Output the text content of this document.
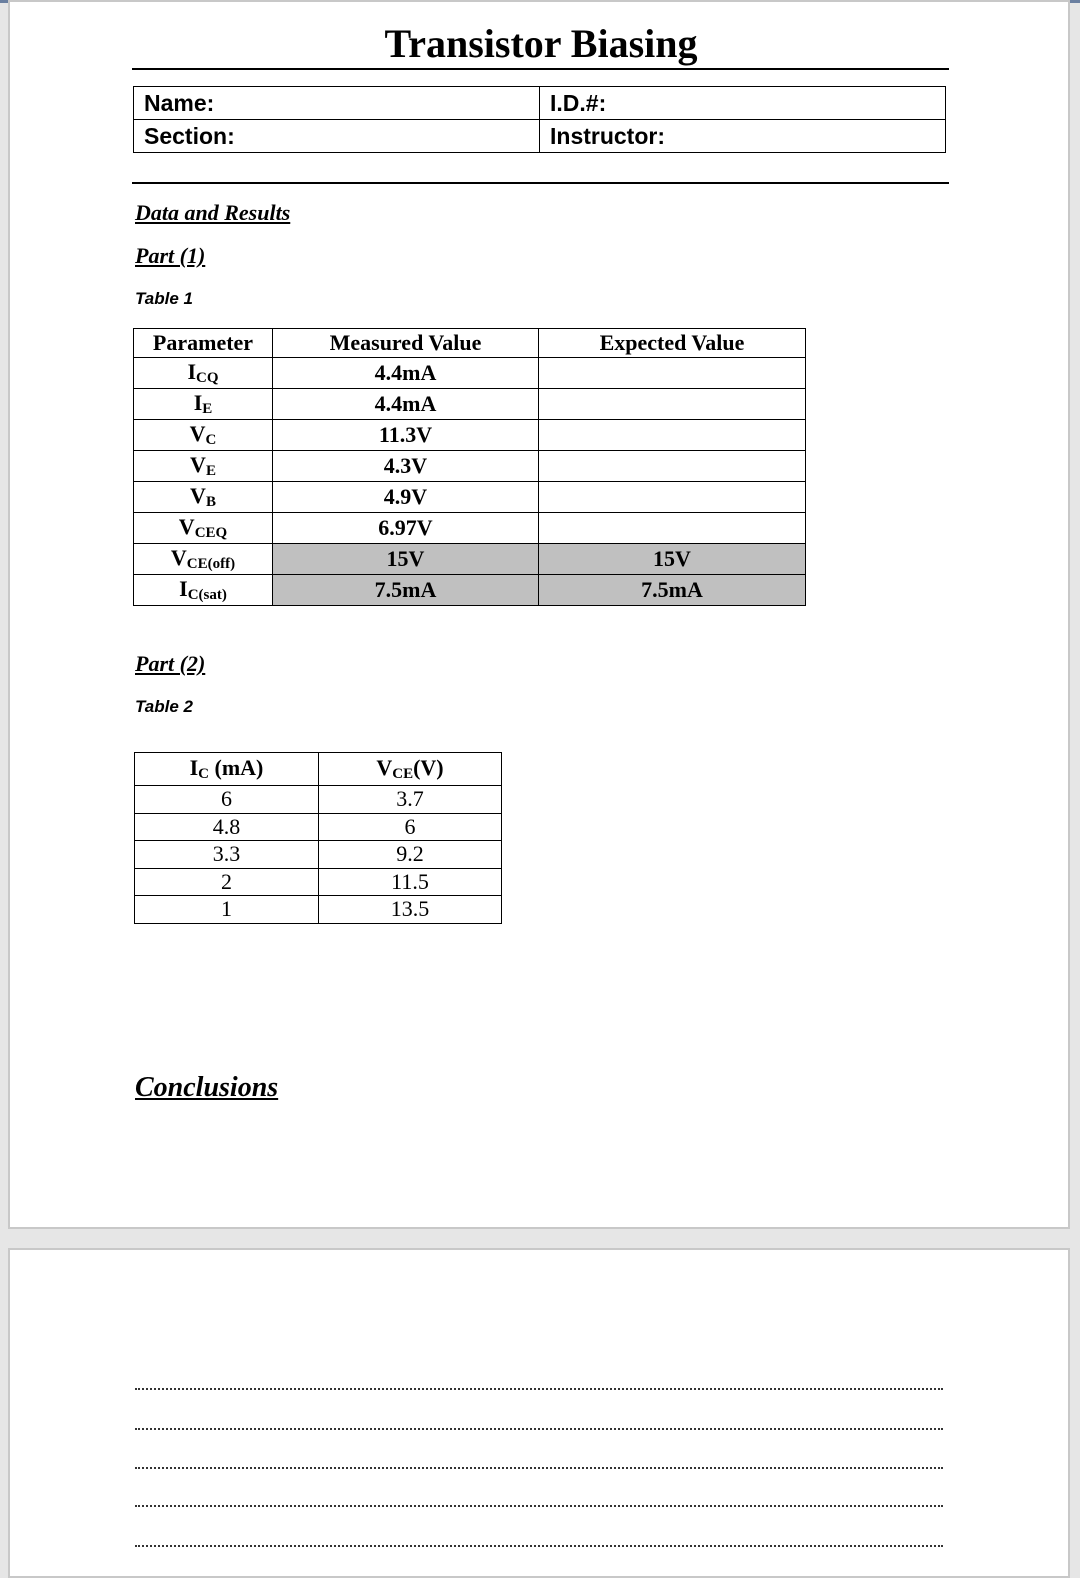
Transistor Biasing
Name:	I.D.#:
Section:	Instructor:
Data and Results
Part (1)
Table 1
Parameter	Measured Value	Expected Value
$I_{CQ}$	4.4mA	
$I_E$	4.4mA	
$V_C$	11.3V	
$V_E$	4.3V	
$V_B$	4.9V	
$V_{CEQ}$	6.97V	
$V_{CE(off)}$	15V	15V
$I_{C(sat)}$	7.5mA	7.5mA
Part (2)
Table 2
$I_C$ (mA)	$V_{CE}(V)$
6	3.7
4.8	6
3.3	9.2
2	11.5
1	13.5
Conclusions
